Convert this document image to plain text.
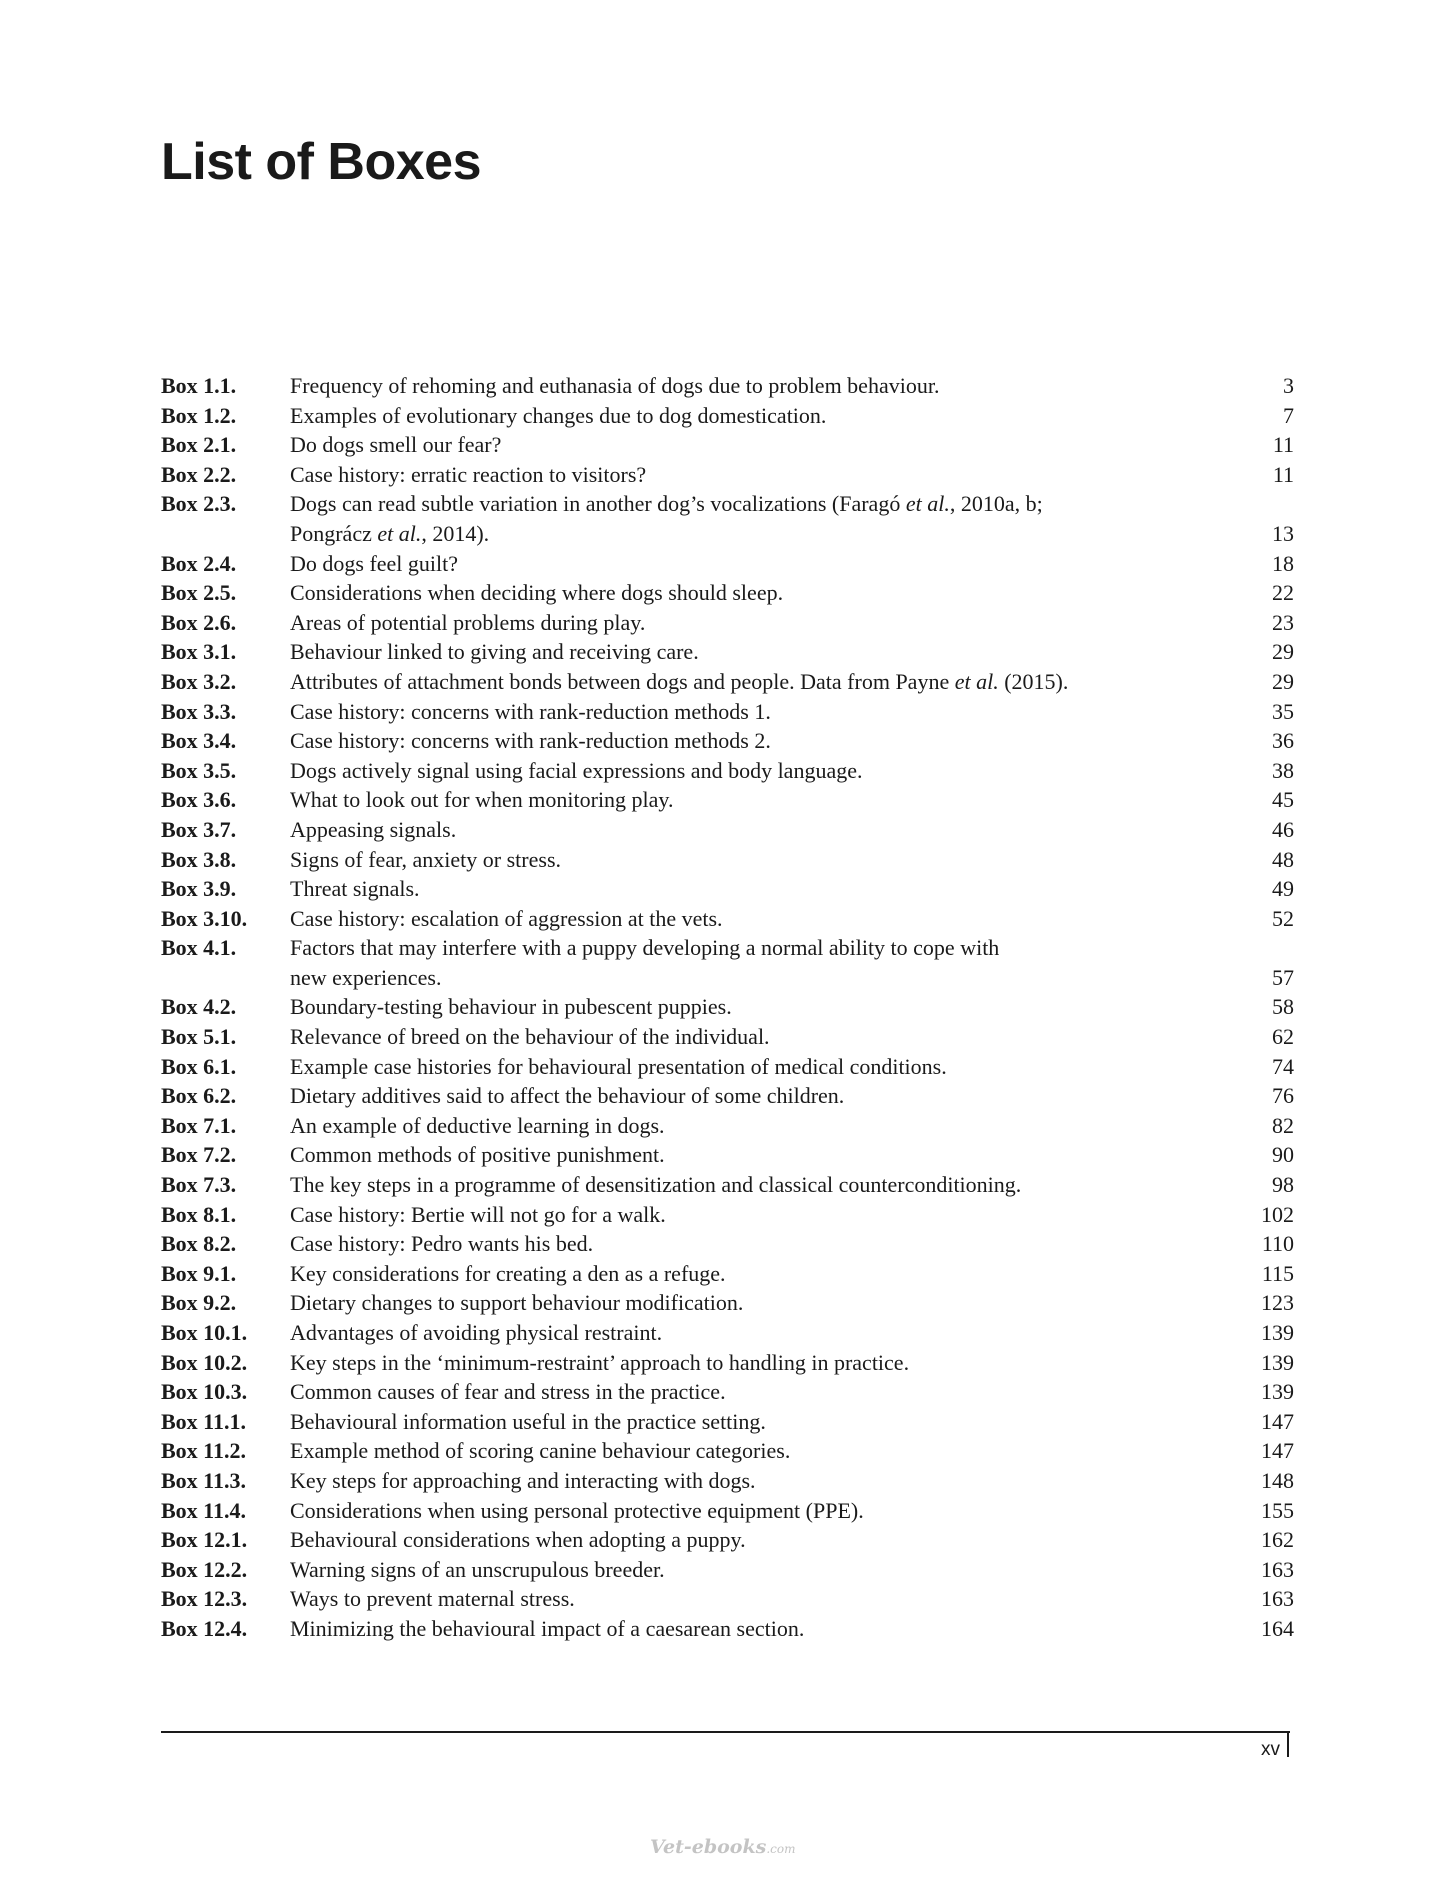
List of Boxes
Box 1.1.	Frequency of rehoming and euthanasia of dogs due to problem behaviour.	3
Box 1.2.	Examples of evolutionary changes due to dog domestication.	7
Box 2.1.	Do dogs smell our fear?	11
Box 2.2.	Case history: erratic reaction to visitors?	11
Box 2.3.	Dogs can read subtle variation in another dog’s vocalizations (Faragó et al., 2010a, b;
Pongrácz et al., 2014).	13
Box 2.4.	Do dogs feel guilt?	18
Box 2.5.	Considerations when deciding where dogs should sleep.	22
Box 2.6.	Areas of potential problems during play.	23
Box 3.1.	Behaviour linked to giving and receiving care.	29
Box 3.2.	Attributes of attachment bonds between dogs and people. Data from Payne et al. (2015).	29
Box 3.3.	Case history: concerns with rank-reduction methods 1.	35
Box 3.4.	Case history: concerns with rank-reduction methods 2.	36
Box 3.5.	Dogs actively signal using facial expressions and body language.	38
Box 3.6.	What to look out for when monitoring play.	45
Box 3.7.	Appeasing signals.	46
Box 3.8.	Signs of fear, anxiety or stress.	48
Box 3.9.	Threat signals.	49
Box 3.10.	Case history: escalation of aggression at the vets.	52
Box 4.1.	Factors that may interfere with a puppy developing a normal ability to cope with
new experiences.	57
Box 4.2.	Boundary-testing behaviour in pubescent puppies.	58
Box 5.1.	Relevance of breed on the behaviour of the individual.	62
Box 6.1.	Example case histories for behavioural presentation of medical conditions.	74
Box 6.2.	Dietary additives said to affect the behaviour of some children.	76
Box 7.1.	An example of deductive learning in dogs.	82
Box 7.2.	Common methods of positive punishment.	90
Box 7.3.	The key steps in a programme of desensitization and classical counterconditioning.	98
Box 8.1.	Case history: Bertie will not go for a walk.	102
Box 8.2.	Case history: Pedro wants his bed.	110
Box 9.1.	Key considerations for creating a den as a refuge.	115
Box 9.2.	Dietary changes to support behaviour modification.	123
Box 10.1.	Advantages of avoiding physical restraint.	139
Box 10.2.	Key steps in the ‘minimum-restraint’ approach to handling in practice.	139
Box 10.3.	Common causes of fear and stress in the practice.	139
Box 11.1.	Behavioural information useful in the practice setting.	147
Box 11.2.	Example method of scoring canine behaviour categories.	147
Box 11.3.	Key steps for approaching and interacting with dogs.	148
Box 11.4.	Considerations when using personal protective equipment (PPE).	155
Box 12.1.	Behavioural considerations when adopting a puppy.	162
Box 12.2.	Warning signs of an unscrupulous breeder.	163
Box 12.3.	Ways to prevent maternal stress.	163
Box 12.4.	Minimizing the behavioural impact of a caesarean section.	164
xv
Vet-ebooks.com
